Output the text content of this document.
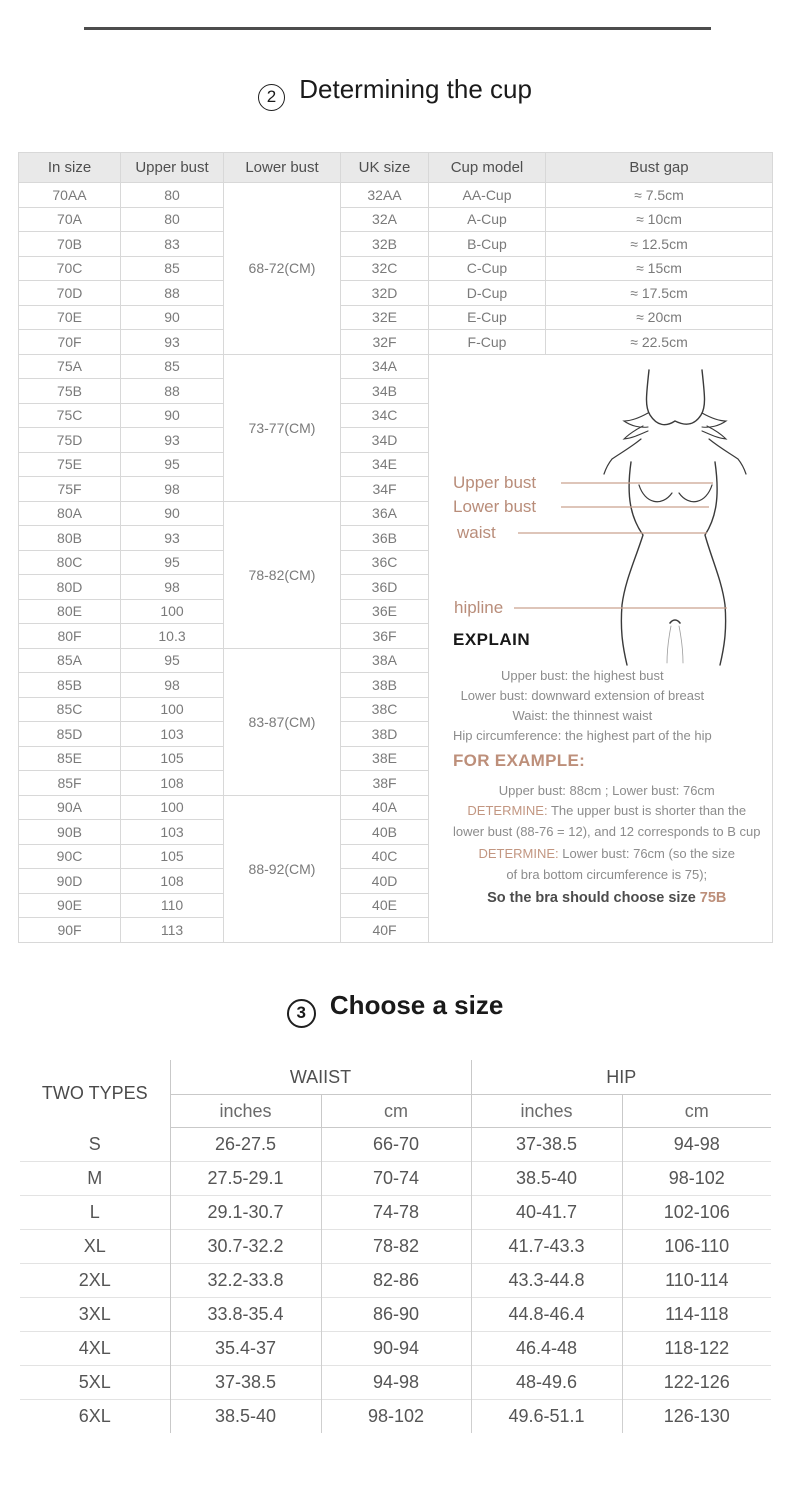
2 Determining the cup
In size	Upper bust	Lower bust	UK size	Cup model	Bust gap
70AA	80	68-72(CM)	32AA	AA-Cup	≈ 7.5cm
70A	80		32A	A-Cup	≈ 10cm
70B	83		32B	B-Cup	≈ 12.5cm
70C	85		32C	C-Cup	≈ 15cm
70D	88		32D	D-Cup	≈ 17.5cm
70E	90		32E	E-Cup	≈ 20cm
70F	93		32F	F-Cup	≈ 22.5cm
75A	85	73-77(CM)	34A	
Upper bust
Lower bust
waist
hipline
EXPLAIN
Upper bust: the highest bust
Lower bust: downward extension of breast
Waist: the thinnest waist
Hip circumference: the highest part of the hip
FOR EXAMPLE:
Upper bust: 88cm ; Lower bust: 76cm
DETERMINE: The upper bust is shorter than the
lower bust (88-76 = 12), and 12 corresponds to B cup
DETERMINE: Lower bust: 76cm (so the size
of bra bottom circumference is 75);
So the bra should choose size 75B

75B	88		34B		
75C	90		34C		
75D	93		34D		
75E	95		34E		
75F	98		34F		
80A	90	78-82(CM)	36A		
80B	93		36B		
80C	95		36C		
80D	98		36D		
80E	100		36E		
80F	10.3		36F		
85A	95	83-87(CM)	38A		
85B	98		38B		
85C	100		38C		
85D	103		38D		
85E	105		38E		
85F	108		38F		
90A	100	88-92(CM)	40A		
90B	103		40B		
90C	105		40C		
90D	108		40D		
90E	110		40E		
90F	113		40F		
3 Choose a size
TWO TYPES	WAIIST		HIP	
	inches	cm	inches	cm
S	26-27.5	66-70	37-38.5	94-98
M	27.5-29.1	70-74	38.5-40	98-102
L	29.1-30.7	74-78	40-41.7	102-106
XL	30.7-32.2	78-82	41.7-43.3	106-110
2XL	32.2-33.8	82-86	43.3-44.8	110-114
3XL	33.8-35.4	86-90	44.8-46.4	114-118
4XL	35.4-37	90-94	46.4-48	118-122
5XL	37-38.5	94-98	48-49.6	122-126
6XL	38.5-40	98-102	49.6-51.1	126-130
